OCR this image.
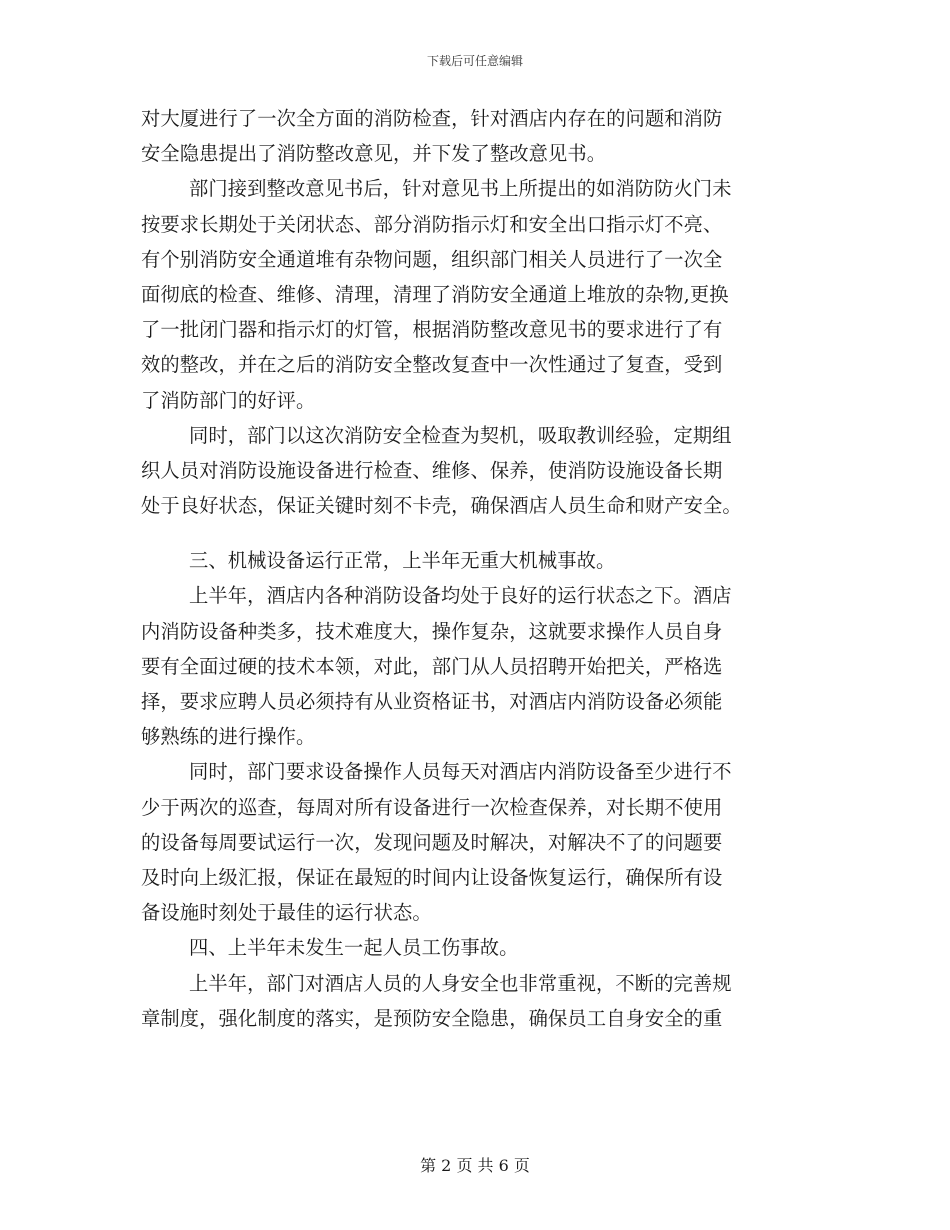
下载后可任意编辑
对大厦进行了一次全方面的消防检查，针对酒店内存在的问题和消防
安全隐患提出了消防整改意见，并下发了整改意见书。
部门接到整改意见书后，针对意见书上所提出的如消防防火门未
按要求长期处于关闭状态、部分消防指示灯和安全出口指示灯不亮、
有个别消防安全通道堆有杂物问题，组织部门相关人员进行了一次全
面彻底的检查、维修、清理，清理了消防安全通道上堆放的杂物,更换
了一批闭门器和指示灯的灯管，根据消防整改意见书的要求进行了有
效的整改，并在之后的消防安全整改复查中一次性通过了复查，受到
了消防部门的好评。
同时，部门以这次消防安全检查为契机，吸取教训经验，定期组
织人员对消防设施设备进行检查、维修、保养，使消防设施设备长期
处于良好状态，保证关键时刻不卡壳，确保酒店人员生命和财产安全。
三、机械设备运行正常，上半年无重大机械事故。
上半年，酒店内各种消防设备均处于良好的运行状态之下。酒店
内消防设备种类多，技术难度大，操作复杂，这就要求操作人员自身
要有全面过硬的技术本领，对此，部门从人员招聘开始把关，严格选
择，要求应聘人员必须持有从业资格证书，对酒店内消防设备必须能
够熟练的进行操作。
同时，部门要求设备操作人员每天对酒店内消防设备至少进行不
少于两次的巡查，每周对所有设备进行一次检查保养，对长期不使用
的设备每周要试运行一次，发现问题及时解决，对解决不了的问题要
及时向上级汇报，保证在最短的时间内让设备恢复运行，确保所有设
备设施时刻处于最佳的运行状态。
四、上半年未发生一起人员工伤事故。
上半年，部门对酒店人员的人身安全也非常重视，不断的完善规
章制度，强化制度的落实，是预防安全隐患，确保员工自身安全的重
第 2 页 共 6 页
